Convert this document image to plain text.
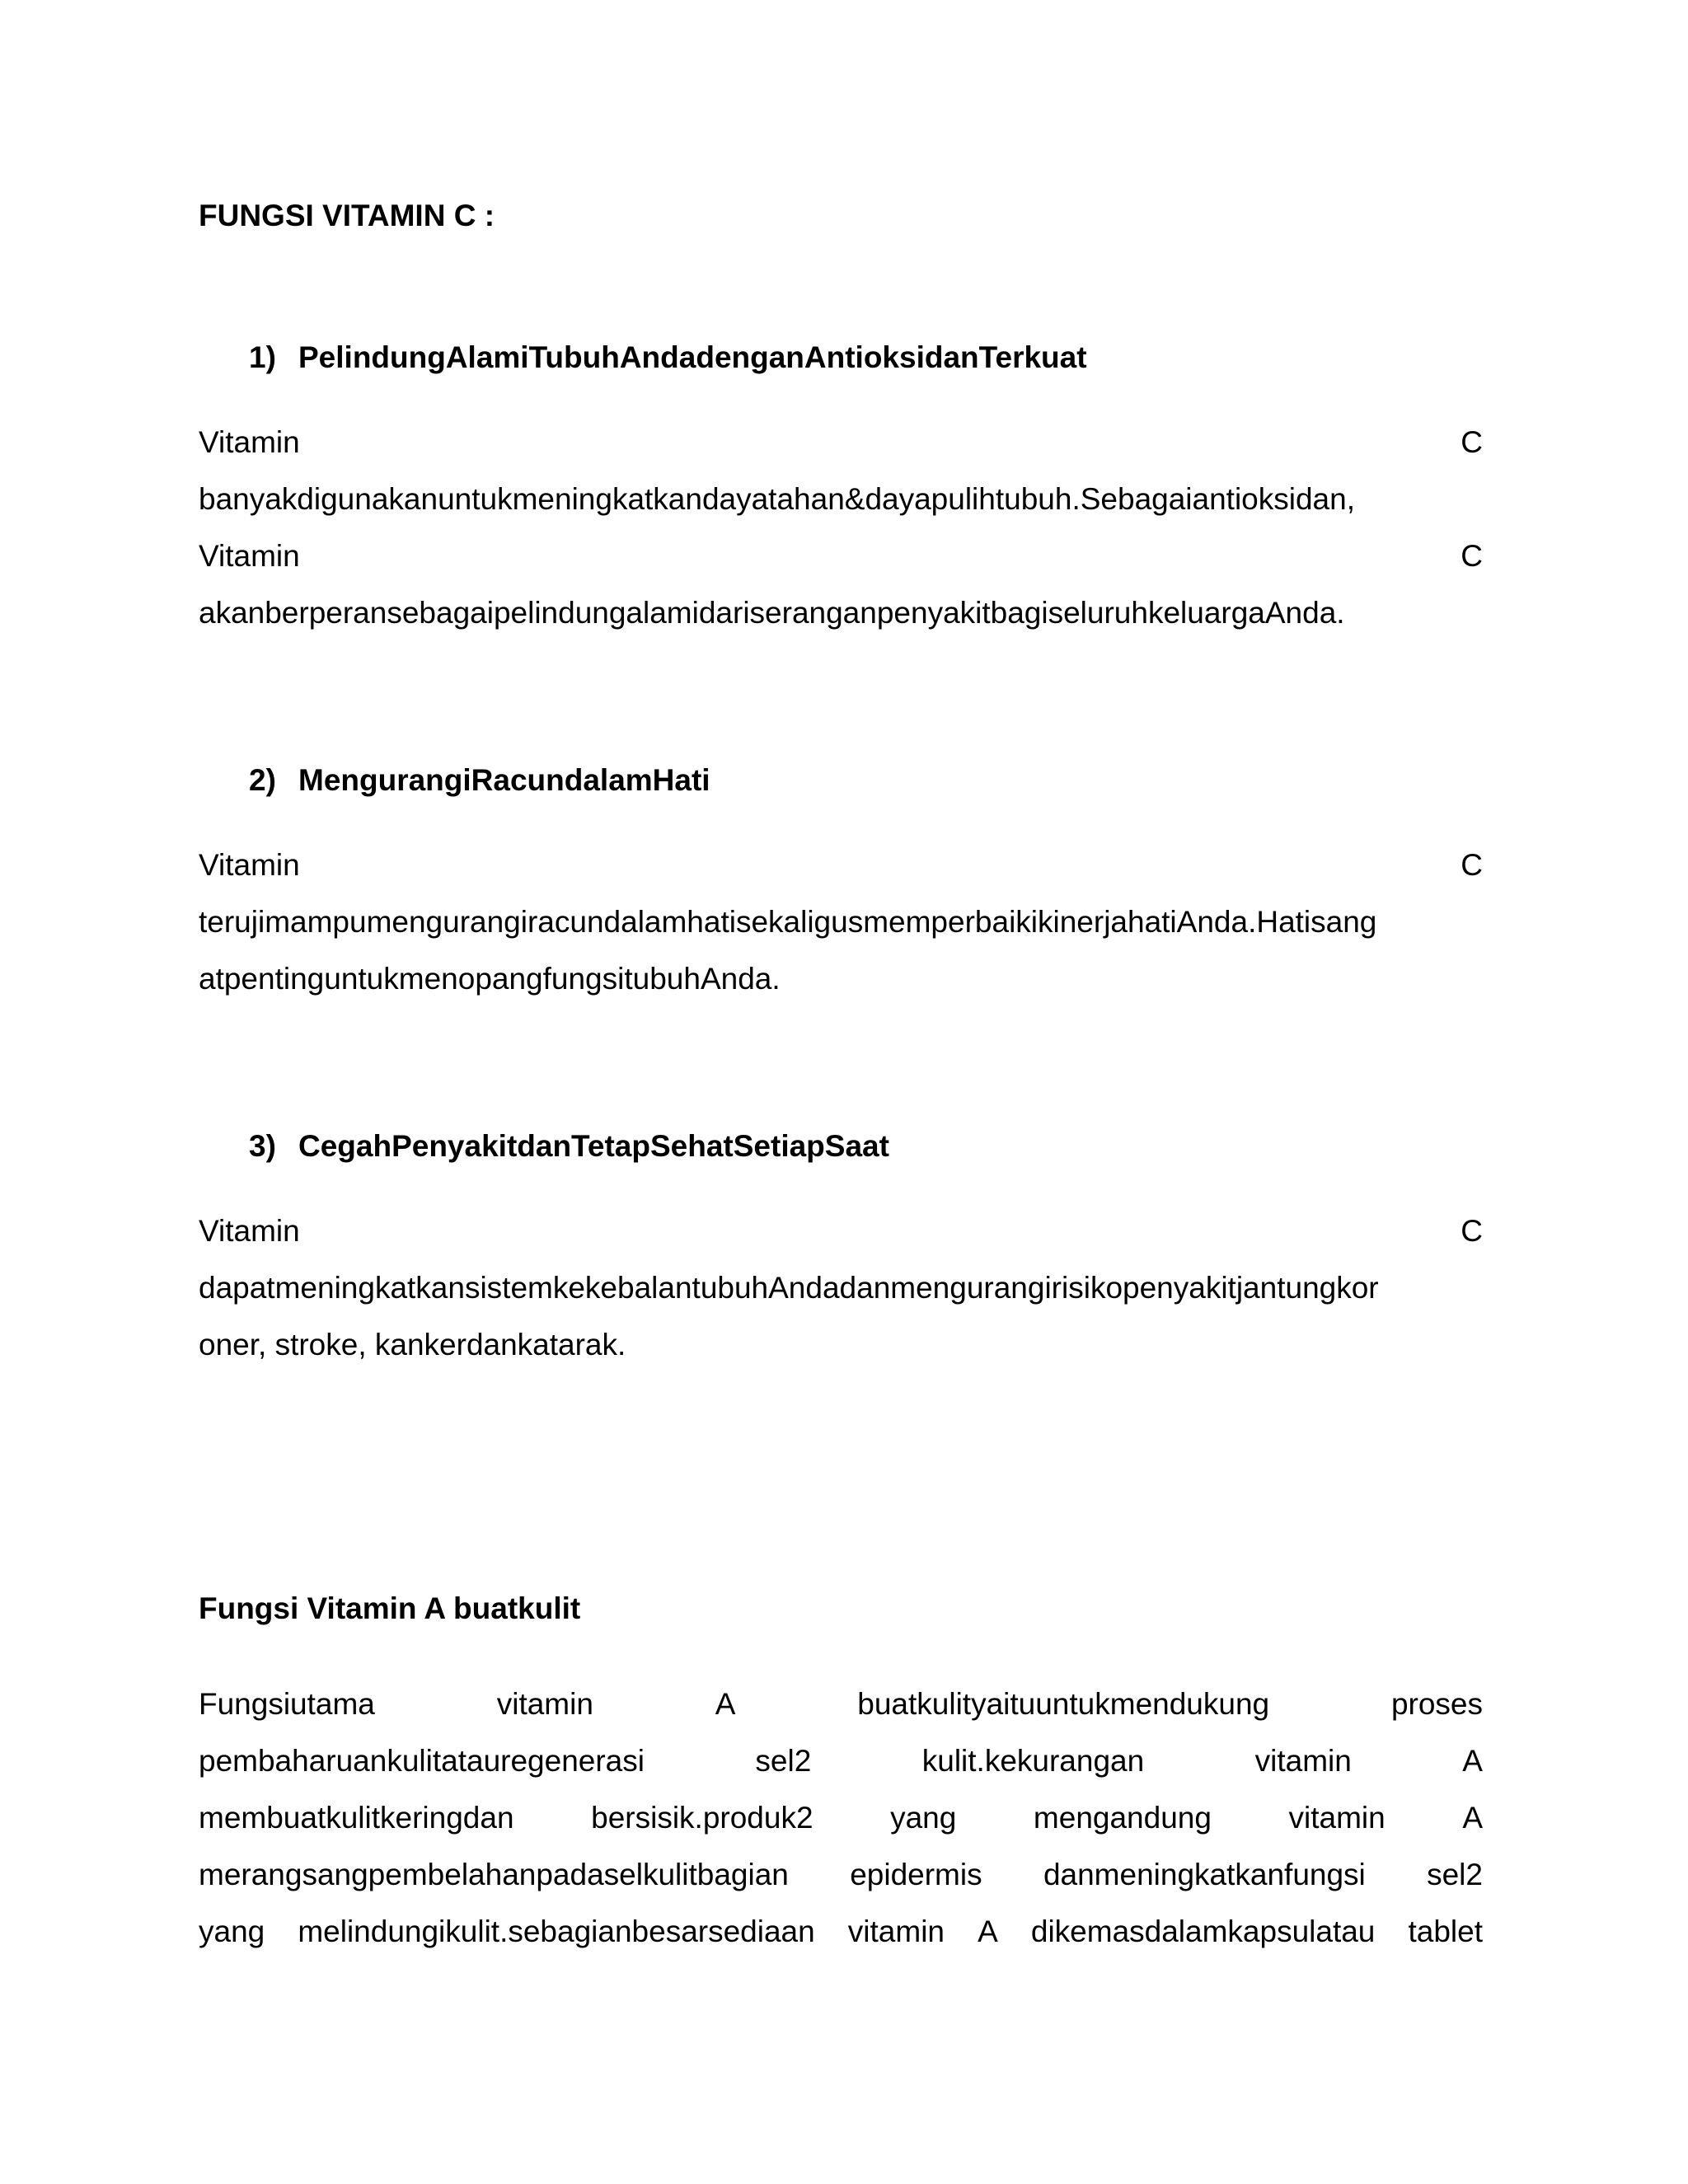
FUNGSI VITAMIN C :
1) PelindungAlamiTubuhAndadenganAntioksidanTerkuat
Vitamin	C
banyakdigunakanuntukmeningkatkandayatahan&dayapulihtubuh.Sebagaiantioksidan,
Vitamin	C
akanberperansebagaipelindungalamidariseranganpenyakitbagiseluruhkeluargaAnda.
2) MengurangiRacundalamHati
Vitamin	C
terujimampumengurangiracundalamhatisekaligusmemperbaikikinerjahatiAnda.Hatisang
atpentinguntukmenopangfungsitubuhAnda.
3) CegahPenyakitdanTetapSehatSetiapSaat
Vitamin	C
dapatmeningkatkansistemkekebalantubuhAndadanmengurangirisikopenyakitjantungkor
oner, stroke, kankerdankatarak.
Fungsi Vitamin A buatkulit
Fungsiutama	vitamin	A	buatkulityaituuntukmendukung	proses
pembaharuankulitatauregenerasi	sel2	kulit.kekurangan	vitamin	A
membuatkulitkeringdan	bersisik.produk2	yang	mengandung	vitamin	A
merangsangpembelahanpadaselkulitbagian epidermis danmeningkatkanfungsi sel2
yang melindungikulit.sebagianbesarsediaan vitamin A dikemasdalamkapsulatau tablet
